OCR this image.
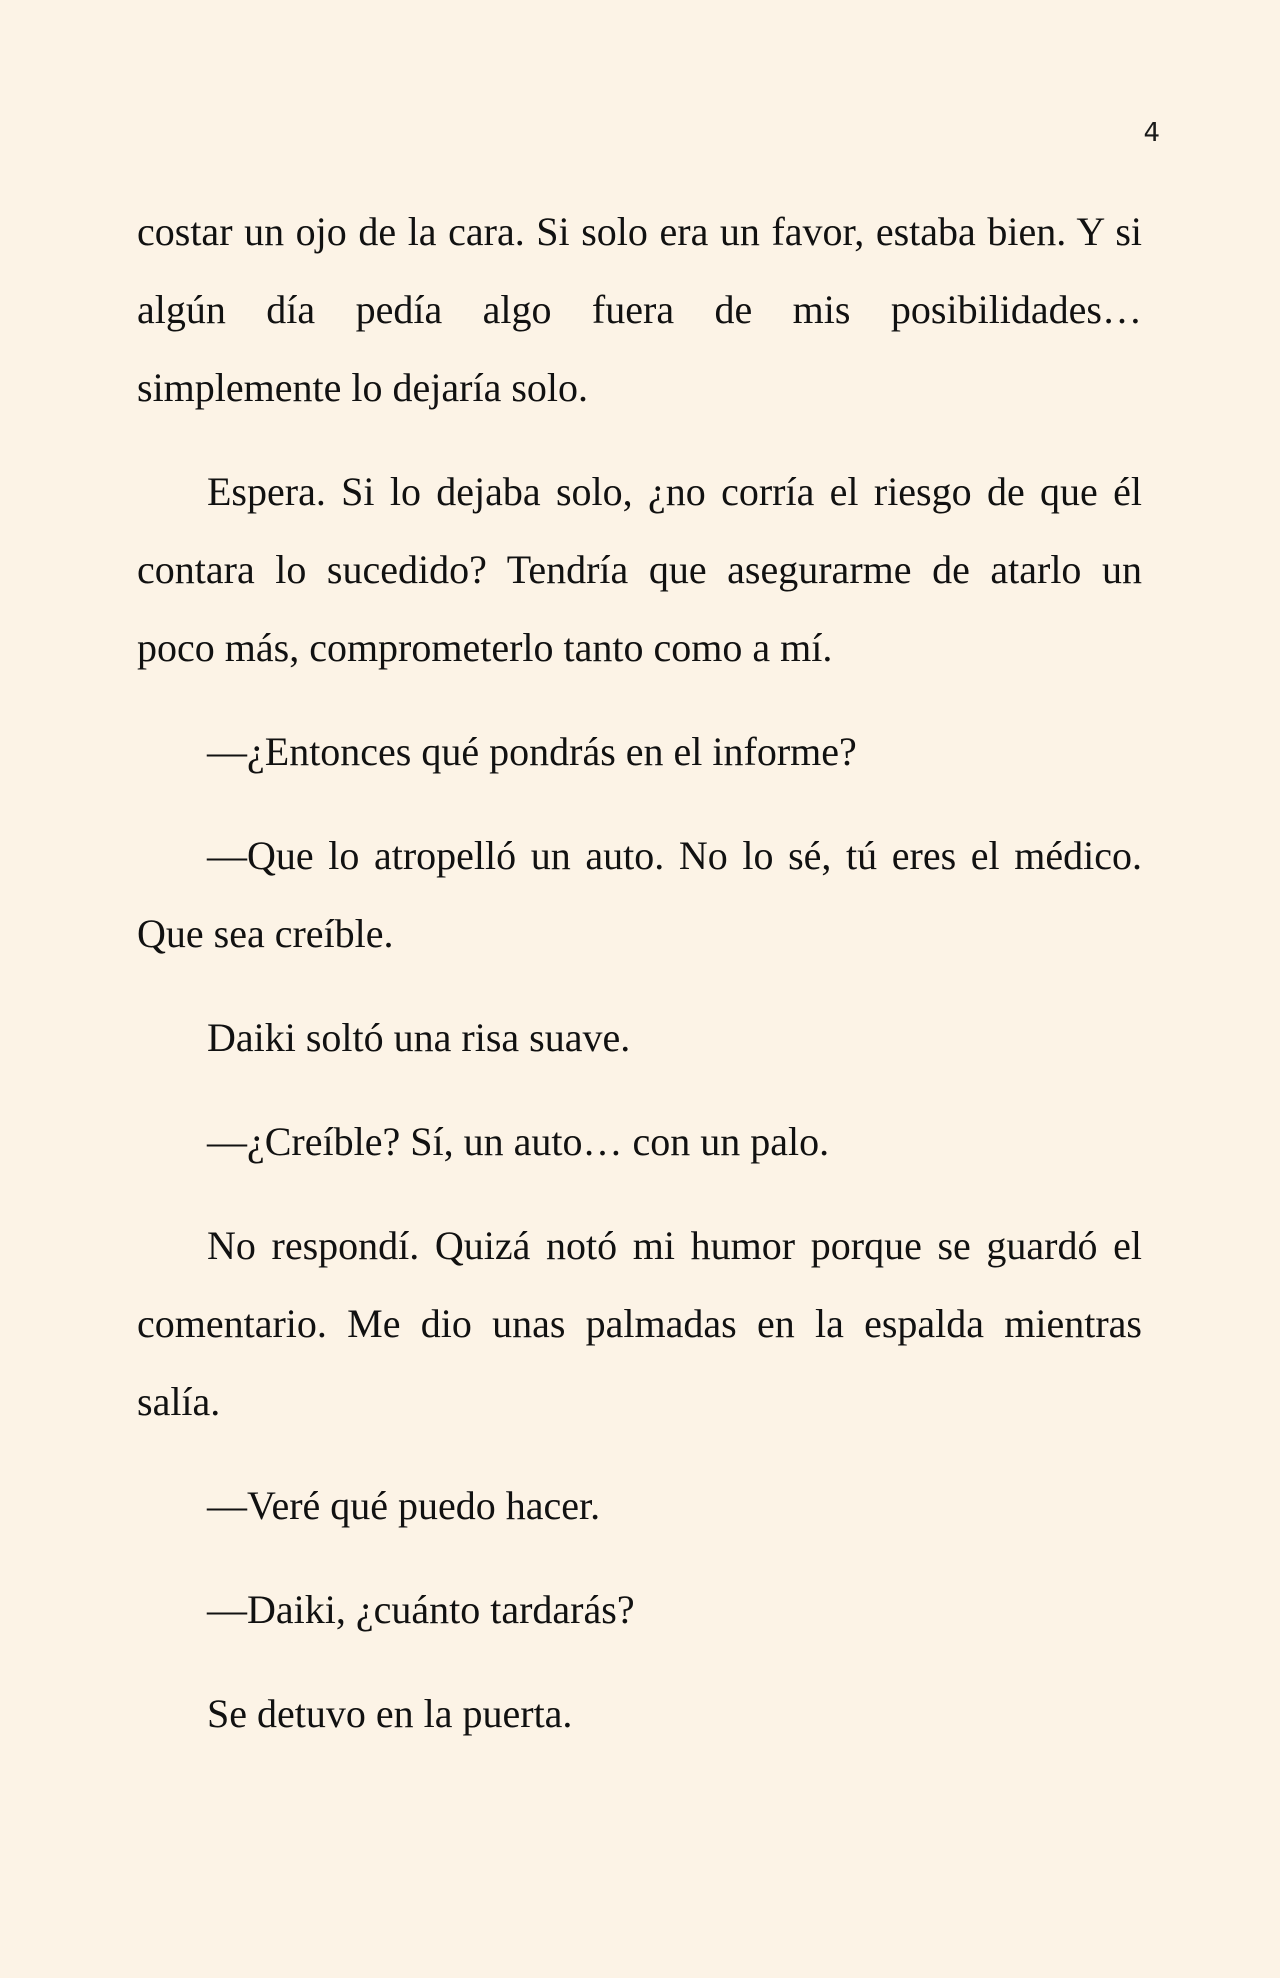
4

costar un ojo de la cara. Si solo era un favor, estaba bien. Y si algún día pedía algo fuera de mis posibilidades… simplemente lo dejaría solo.

Espera. Si lo dejaba solo, ¿no corría el riesgo de que él contara lo sucedido? Tendría que asegurarme de atarlo un poco más, comprometerlo tanto como a mí.

—¿Entonces qué pondrás en el informe?

—Que lo atropelló un auto. No lo sé, tú eres el médico. Que sea creíble.

Daiki soltó una risa suave.

—¿Creíble? Sí, un auto… con un palo.

No respondí. Quizá notó mi humor porque se guardó el comentario. Me dio unas palmadas en la espalda mientras salía.

—Veré qué puedo hacer.

—Daiki, ¿cuánto tardarás?

Se detuvo en la puerta.
